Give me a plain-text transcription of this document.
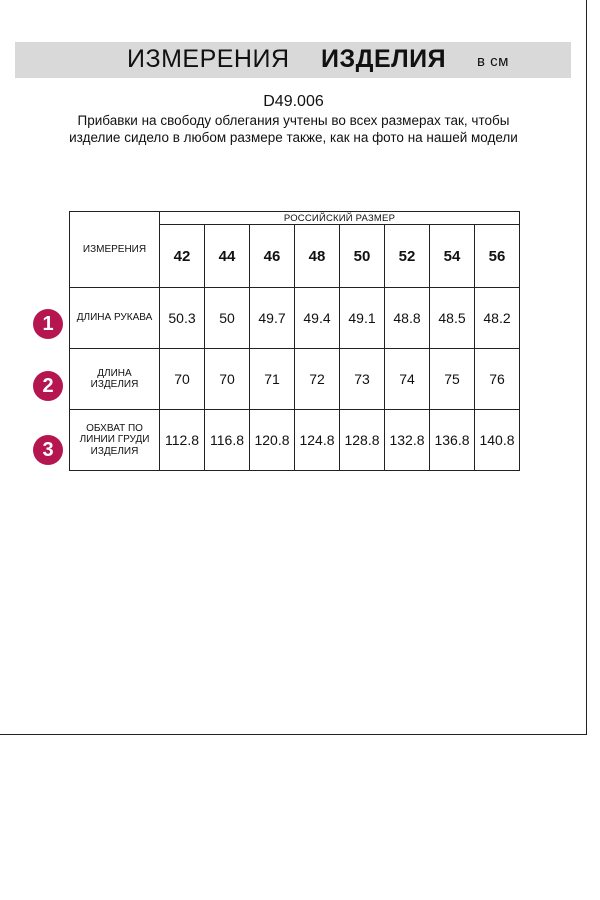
ИЗМЕРЕНИЯ ИЗДЕЛИЯ в см
D49.006
Прибавки на свободу облегания учтены во всех размерах так, чтобы изделие сидело в любом размере также, как на фото на нашей модели
ИЗМЕРЕНИЯ	РОССИЙСКИЙ РАЗМЕР							
	42	44	46	48	50	52	54	56
ДЛИНА РУКАВА	50.3	50	49.7	49.4	49.1	48.8	48.5	48.2
ДЛИНА ИЗДЕЛИЯ	70	70	71	72	73	74	75	76
ОБХВАТ ПО ЛИНИИ ГРУДИ ИЗДЕЛИЯ	112.8	116.8	120.8	124.8	128.8	132.8	136.8	140.8
1
2
3
